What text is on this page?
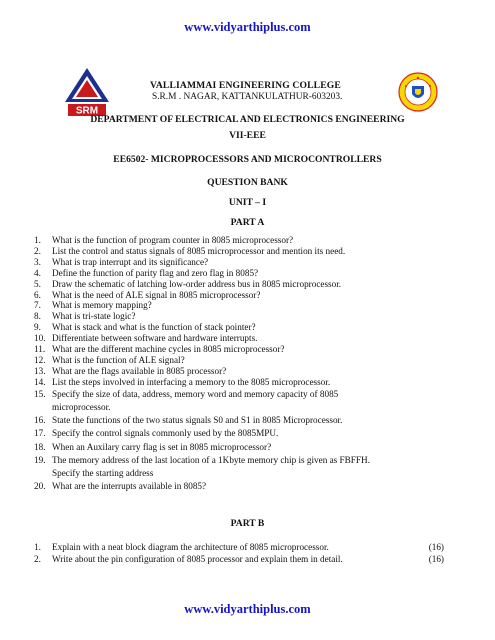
www.vidyarthiplus.com
SRM
VALLIAMMAI ENGINEERING COLLEGE
S.R.M . NAGAR, KATTANKULATHUR-603203.
DEPARTMENT OF ELECTRICAL AND ELECTRONICS ENGINEERING
VII-EEE
EE6502- MICROPROCESSORS AND MICROCONTROLLERS
QUESTION BANK
UNIT – I
PART A
1. What is the function of program counter in 8085 microprocessor?
2. List the control and status signals of 8085 microprocessor and mention its need.
3. What is trap interrupt and its significance?
4. Define the function of parity flag and zero flag in 8085?
5. Draw the schematic of latching low-order address bus in 8085 microprocessor.
6. What is the need of ALE signal in 8085 microprocessor?
7. What is memory mapping?
8. What is tri-state logic?
9. What is stack and what is the function of stack pointer?
10. Differentiate between software and hardware interrupts.
11. What are the different machine cycles in 8085 microprocessor?
12. What is the function of ALE signal?
13. What are the flags available in 8085 processor?
14. List the steps involved in interfacing a memory to the 8085 microprocessor.
15. Specify the size of data, address, memory word and memory capacity of 8085
microprocessor.
16. State the functions of the two status signals S0 and S1 in 8085 Microprocessor.
17. Specify the control signals commonly used by the 8085MPU.
18. When an Auxilary carry flag is set in 8085 microprocessor?
19. The memory address of the last location of a 1Kbyte memory chip is given as FBFFH.
Specify the starting address
20. What are the interrupts available in 8085?
PART B
1. Explain with a neat block diagram the architecture of 8085 microprocessor.	(16)
2. Write about the pin configuration of 8085 processor and explain them in detail.	(16)
www.vidyarthiplus.com
